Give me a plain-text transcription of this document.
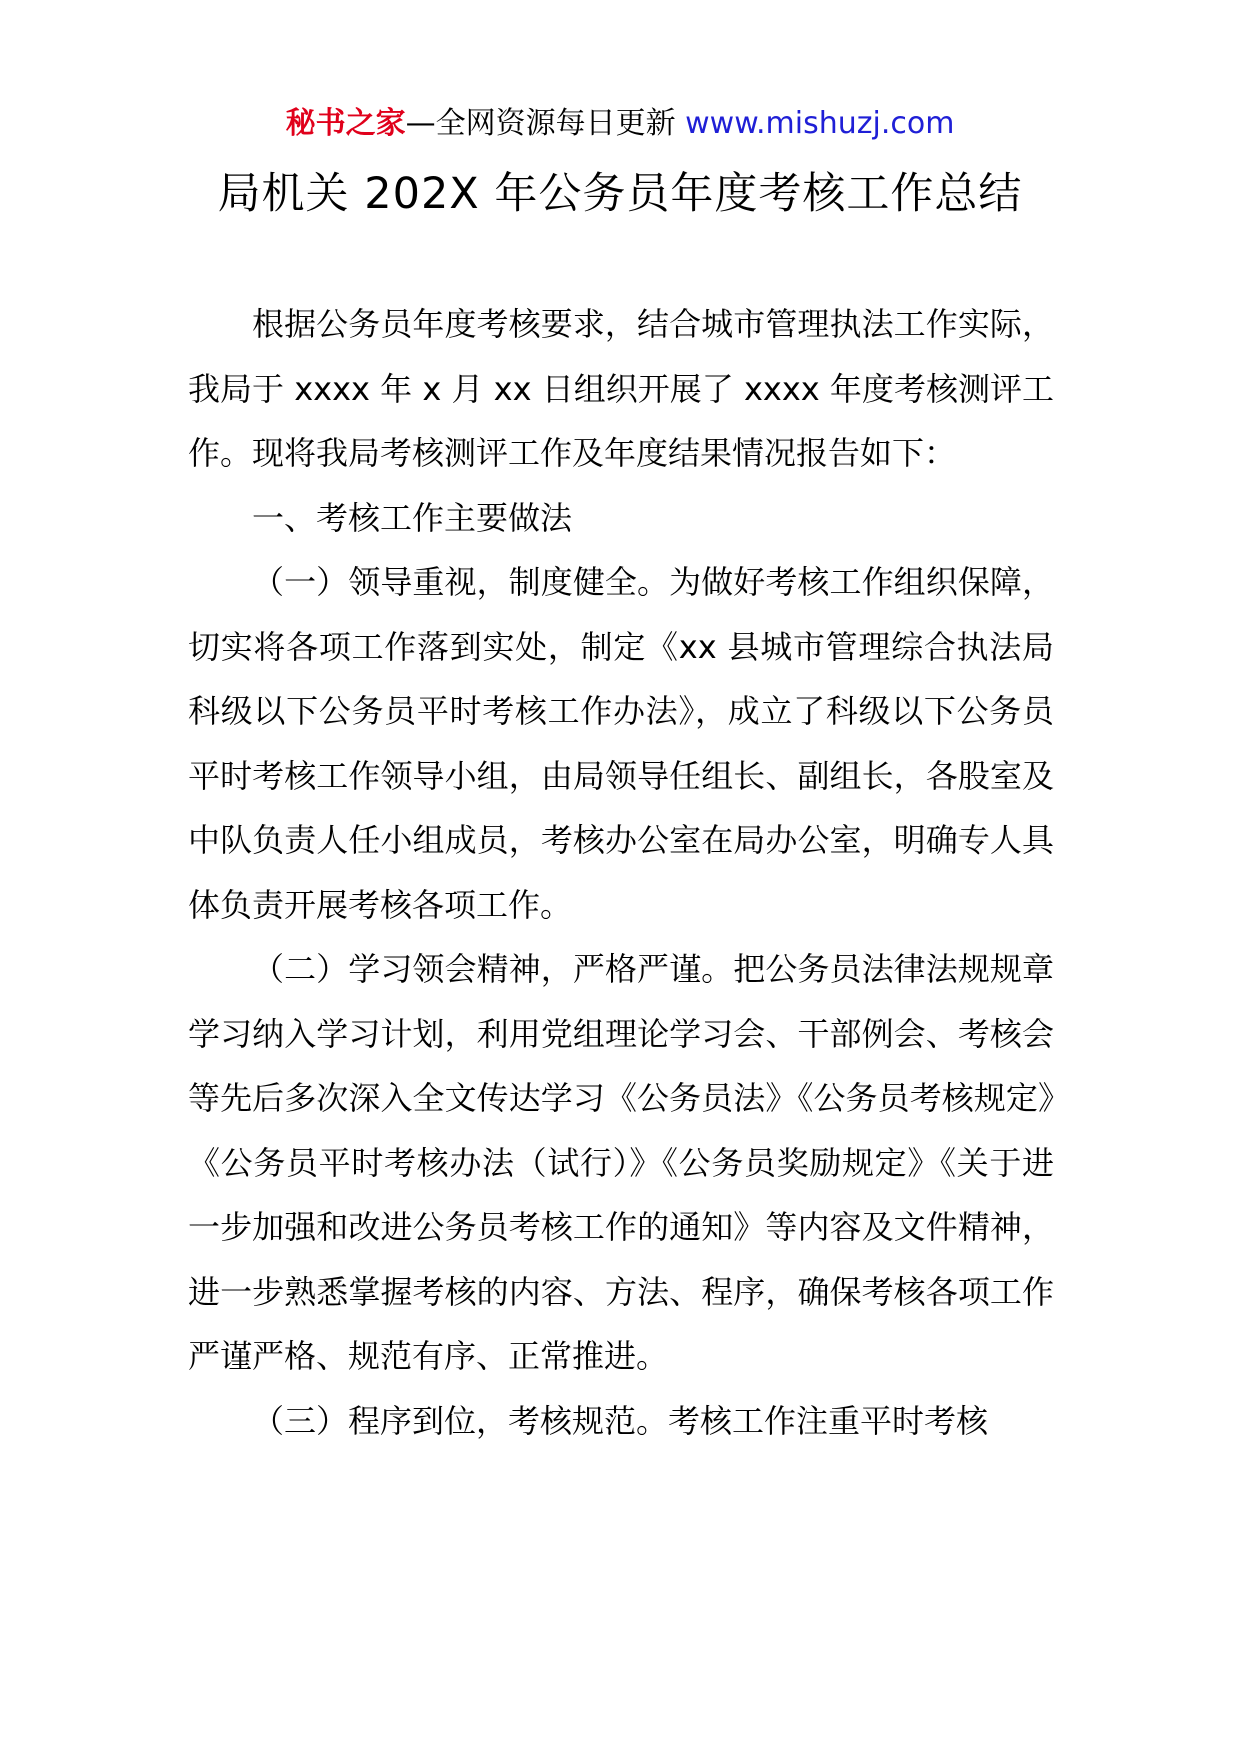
秘书之家—全网资源每日更新 www.mishuzj.com
局机关 202X 年公务员年度考核工作总结

根据公务员年度考核要求，结合城市管理执法工作实际，我局于 xxxx 年 x 月 xx 日组织开展了 xxxx 年度考核测评工作。现将我局考核测评工作及年度结果情况报告如下：

一、考核工作主要做法

（一）领导重视，制度健全。为做好考核工作组织保障，切实将各项工作落到实处，制定《xx 县城市管理综合执法局科级以下公务员平时考核工作办法》，成立了科级以下公务员平时考核工作领导小组，由局领导任组长、副组长，各股室及中队负责人任小组成员，考核办公室在局办公室，明确专人具体负责开展考核各项工作。

（二）学习领会精神，严格严谨。把公务员法律法规规章学习纳入学习计划，利用党组理论学习会、干部例会、考核会等先后多次深入全文传达学习《公务员法》《公务员考核规定》《公务员平时考核办法（试行）》《公务员奖励规定》《关于进一步加强和改进公务员考核工作的通知》等内容及文件精神，进一步熟悉掌握考核的内容、方法、程序，确保考核各项工作严谨严格、规范有序、正常推进。

（三）程序到位，考核规范。考核工作注重平时考核
